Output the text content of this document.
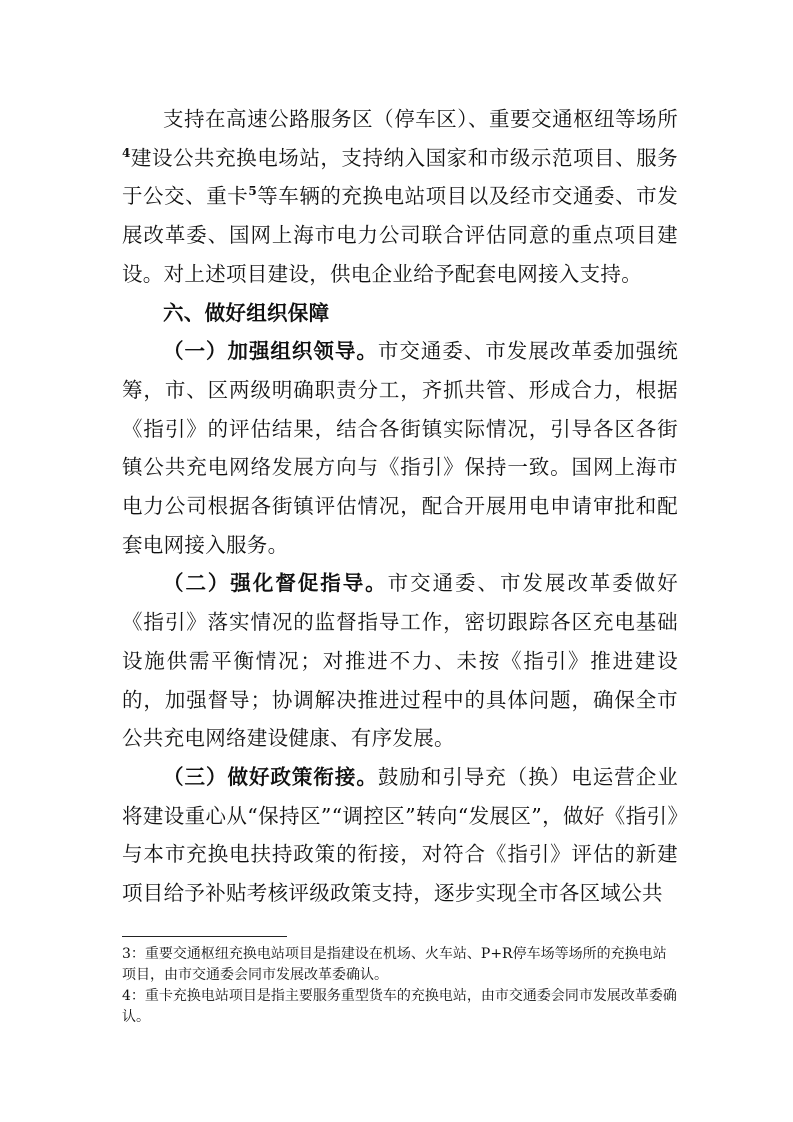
支持在高速公路服务区（停车区）、重要交通枢纽等场所$^4$建设公共充换电场站，支持纳入国家和市级示范项目、服务于公交、重卡$^5$等车辆的充换电站项目以及经市交通委、市发展改革委、国网上海市电力公司联合评估同意的重点项目建设。对上述项目建设，供电企业给予配套电网接入支持。

六、做好组织保障

（一）加强组织领导。市交通委、市发展改革委加强统筹，市、区两级明确职责分工，齐抓共管、形成合力，根据《指引》的评估结果，结合各街镇实际情况，引导各区各街镇公共充电网络发展方向与《指引》保持一致。国网上海市电力公司根据各街镇评估情况，配合开展用电申请审批和配套电网接入服务。

（二）强化督促指导。市交通委、市发展改革委做好《指引》落实情况的监督指导工作，密切跟踪各区充电基础设施供需平衡情况；对推进不力、未按《指引》推进建设的，加强督导；协调解决推进过程中的具体问题，确保全市公共充电网络建设健康、有序发展。

（三）做好政策衔接。鼓励和引导充（换）电运营企业将建设重心从“保持区”“调控区”转向“发展区”，做好《指引》与本市充换电扶持政策的衔接，对符合《指引》评估的新建项目给予补贴考核评级政策支持，逐步实现全市各区域公共

3：重要交通枢纽充换电站项目是指建设在机场、火车站、P+R停车场等场所的充换电站项目，由市交通委会同市发展改革委确认。

4：重卡充换电站项目是指主要服务重型货车的充换电站，由市交通委会同市发展改革委确认。
